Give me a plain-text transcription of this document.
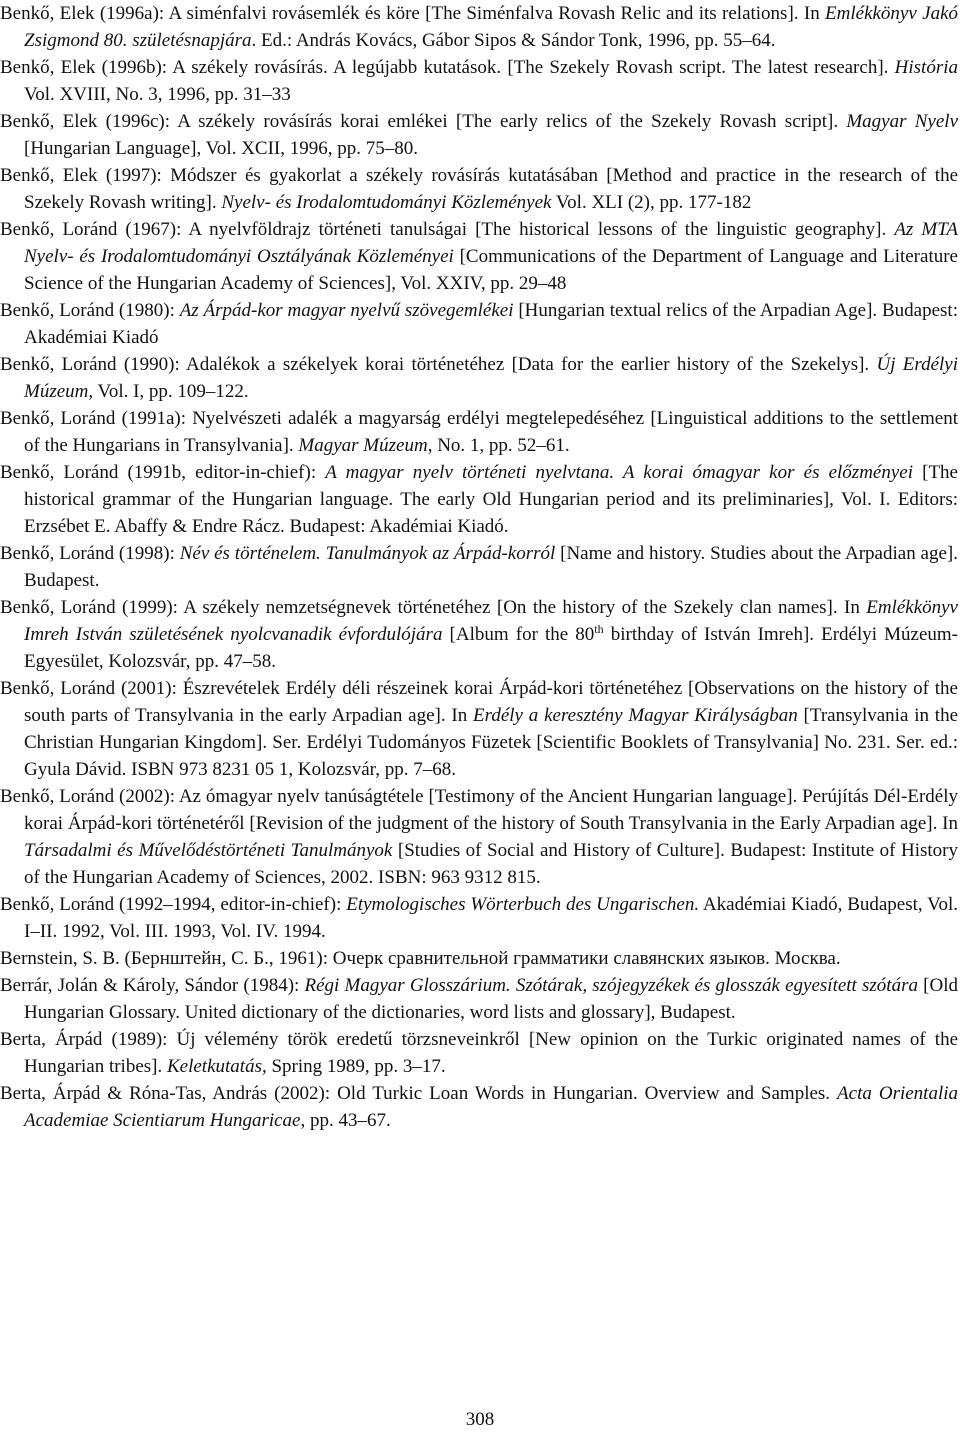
Benkő, Elek (1996a): A siménfalvi rovásemlék és köre [The Siménfalva Rovash Relic and its relations]. In Emlékkönyv Jakó Zsigmond 80. születésnapjára. Ed.: András Kovács, Gábor Sipos & Sándor Tonk, 1996, pp. 55–64.

Benkő, Elek (1996b): A székely rovásírás. A legújabb kutatások. [The Szekely Rovash script. The latest research]. História Vol. XVIII, No. 3, 1996, pp. 31–33

Benkő, Elek (1996c): A székely rovásírás korai emlékei [The early relics of the Szekely Rovash script]. Magyar Nyelv [Hungarian Language], Vol. XCII, 1996, pp. 75–80.

Benkő, Elek (1997): Módszer és gyakorlat a székely rovásírás kutatásában [Method and practice in the research of the Szekely Rovash writing]. Nyelv- és Irodalomtudományi Közlemények Vol. XLI (2), pp. 177-182

Benkő, Loránd (1967): A nyelvföldrajz történeti tanulságai [The historical lessons of the linguistic geography]. Az MTA Nyelv- és Irodalomtudományi Osztályának Közleményei [Communications of the Department of Language and Literature Science of the Hungarian Academy of Sciences], Vol. XXIV, pp. 29–48

Benkő, Loránd (1980): Az Árpád-kor magyar nyelvű szövegemlékei [Hungarian textual relics of the Arpadian Age]. Budapest: Akadémiai Kiadó

Benkő, Loránd (1990): Adalékok a székelyek korai történetéhez [Data for the earlier history of the Szekelys]. Új Erdélyi Múzeum, Vol. I, pp. 109–122.

Benkő, Loránd (1991a): Nyelvészeti adalék a magyarság erdélyi megtelepedéséhez [Linguistical additions to the settlement of the Hungarians in Transylvania]. Magyar Múzeum, No. 1, pp. 52–61.

Benkő, Loránd (1991b, editor-in-chief): A magyar nyelv történeti nyelvtana. A korai ómagyar kor és előzményei [The historical grammar of the Hungarian language. The early Old Hungarian period and its preliminaries], Vol. I. Editors: Erzsébet E. Abaffy & Endre Rácz. Budapest: Akadémiai Kiadó.

Benkő, Loránd (1998): Név és történelem. Tanulmányok az Árpád-korról [Name and history. Studies about the Arpadian age]. Budapest.

Benkő, Loránd (1999): A székely nemzetségnevek történetéhez [On the history of the Szekely clan names]. In Emlékkönyv Imreh István születésének nyolcvanadik évfordulójára [Album for the 80th birthday of István Imreh]. Erdélyi Múzeum-Egyesület, Kolozsvár, pp. 47–58.

Benkő, Loránd (2001): Észrevételek Erdély déli részeinek korai Árpád-kori történetéhez [Observations on the history of the south parts of Transylvania in the early Arpadian age]. In Erdély a keresztény Magyar Királyságban [Transylvania in the Christian Hungarian Kingdom]. Ser. Erdélyi Tudományos Füzetek [Scientific Booklets of Transylvania] No. 231. Ser. ed.: Gyula Dávid. ISBN 973 8231 05 1, Kolozsvár, pp. 7–68.

Benkő, Loránd (2002): Az ómagyar nyelv tanúságtétele [Testimony of the Ancient Hungarian language]. Perújítás Dél-Erdély korai Árpád-kori történetéről [Revision of the judgment of the history of South Transylvania in the Early Arpadian age]. In Társadalmi és Művelődéstörténeti Tanulmányok [Studies of Social and History of Culture]. Budapest: Institute of History of the Hungarian Academy of Sciences, 2002. ISBN: 963 9312 815.

Benkő, Loránd (1992–1994, editor-in-chief): Etymologisches Wörterbuch des Ungarischen. Akadémiai Kiadó, Budapest, Vol. I–II. 1992, Vol. III. 1993, Vol. IV. 1994.

Bernstein, S. B. (Бернштейн, С. Б., 1961): Очерк сравнительной грамматики славянских языков. Москва.

Berrár, Jolán & Károly, Sándor (1984): Régi Magyar Glosszárium. Szótárak, szójegyzékek és glosszák egyesített szótára [Old Hungarian Glossary. United dictionary of the dictionaries, word lists and glossary], Budapest.

Berta, Árpád (1989): Új vélemény török eredetű törzsneveinkről [New opinion on the Turkic originated names of the Hungarian tribes]. Keletkutatás, Spring 1989, pp. 3–17.

Berta, Árpád & Róna-Tas, András (2002): Old Turkic Loan Words in Hungarian. Overview and Samples. Acta Orientalia Academiae Scientiarum Hungaricae, pp. 43–67.

308
